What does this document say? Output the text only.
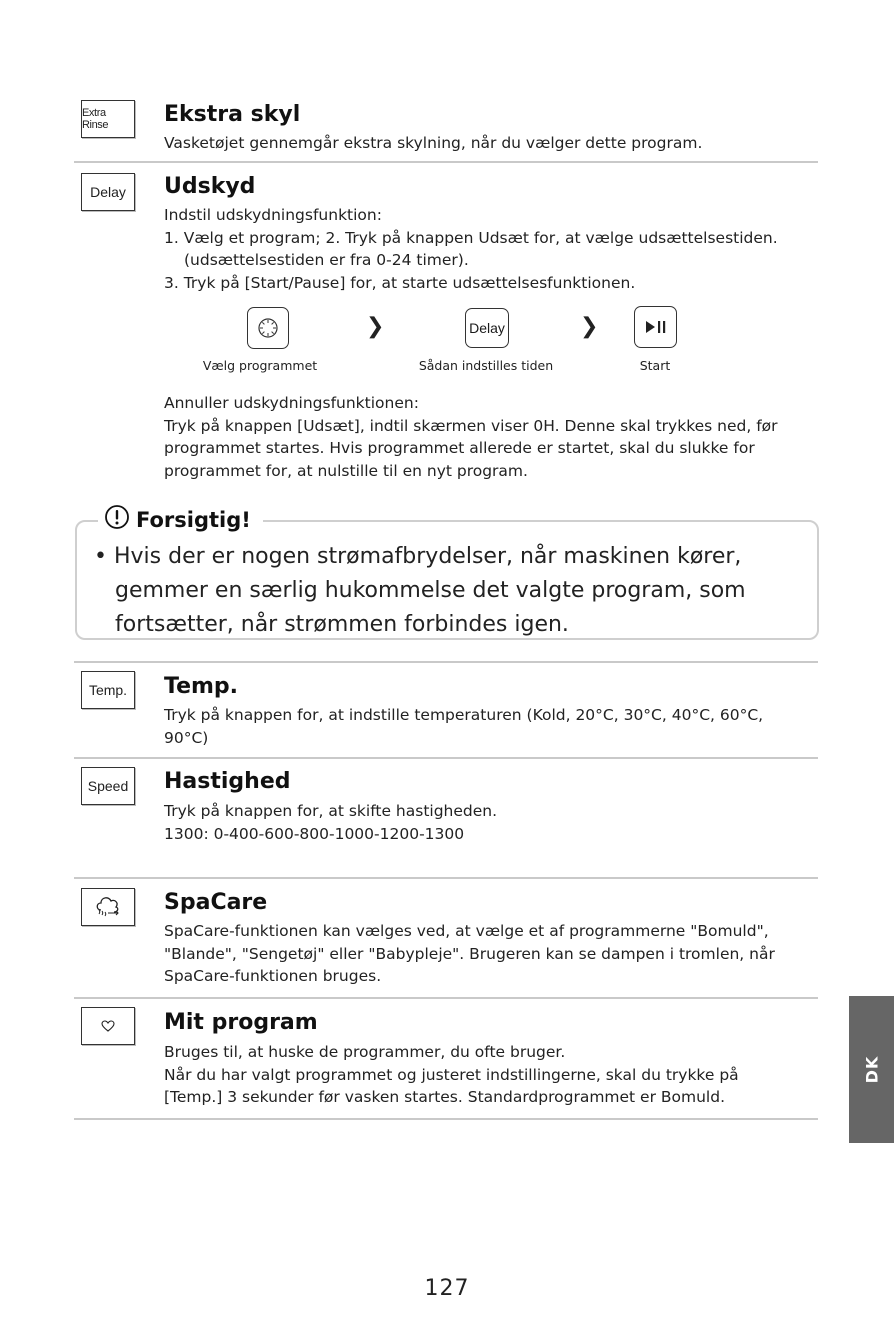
Extra Rinse	Ekstra skyl
Vasketøjet gennemgår ekstra skylning, når du vælger dette program.
Delay	Udskyd
Indstil udskydningsfunktion:
1. Vælg et program; 2. Tryk på knappen Udsæt for, at vælge udsættelsestiden.
(udsættelsestiden er fra 0-24 timer).
3. Tryk på [Start/Pause] for, at starte udsættelsesfunktionen.
❯	Delay	❯
Vælg programmet	Sådan indstilles tiden	Start
Annuller udskydningsfunktionen:
Tryk på knappen [Udsæt], indtil skærmen viser 0H. Denne skal trykkes ned, før
programmet startes. Hvis programmet allerede er startet, skal du slukke for
programmet for, at nulstille til en nyt program.
Forsigtig!
• Hvis der er nogen strømafbrydelser, når maskinen kører,
gemmer en særlig hukommelse det valgte program, som
fortsætter, når strømmen forbindes igen.
Temp.	Temp.
Tryk på knappen for, at indstille temperaturen (Kold, 20°C, 30°C, 40°C, 60°C,
90°C)
Speed	Hastighed
Tryk på knappen for, at skifte hastigheden.
1300: 0-400-600-800-1000-1200-1300
SpaCare
SpaCare-funktionen kan vælges ved, at vælge et af programmerne "Bomuld",
"Blande", "Sengetøj" eller "Babypleje". Brugeren kan se dampen i tromlen, når
SpaCare-funktionen bruges.
Mit program
Bruges til, at huske de programmer, du ofte bruger.
Når du har valgt programmet og justeret indstillingerne, skal du trykke på
[Temp.] 3 sekunder før vasken startes. Standardprogrammet er Bomuld.
DK
127
